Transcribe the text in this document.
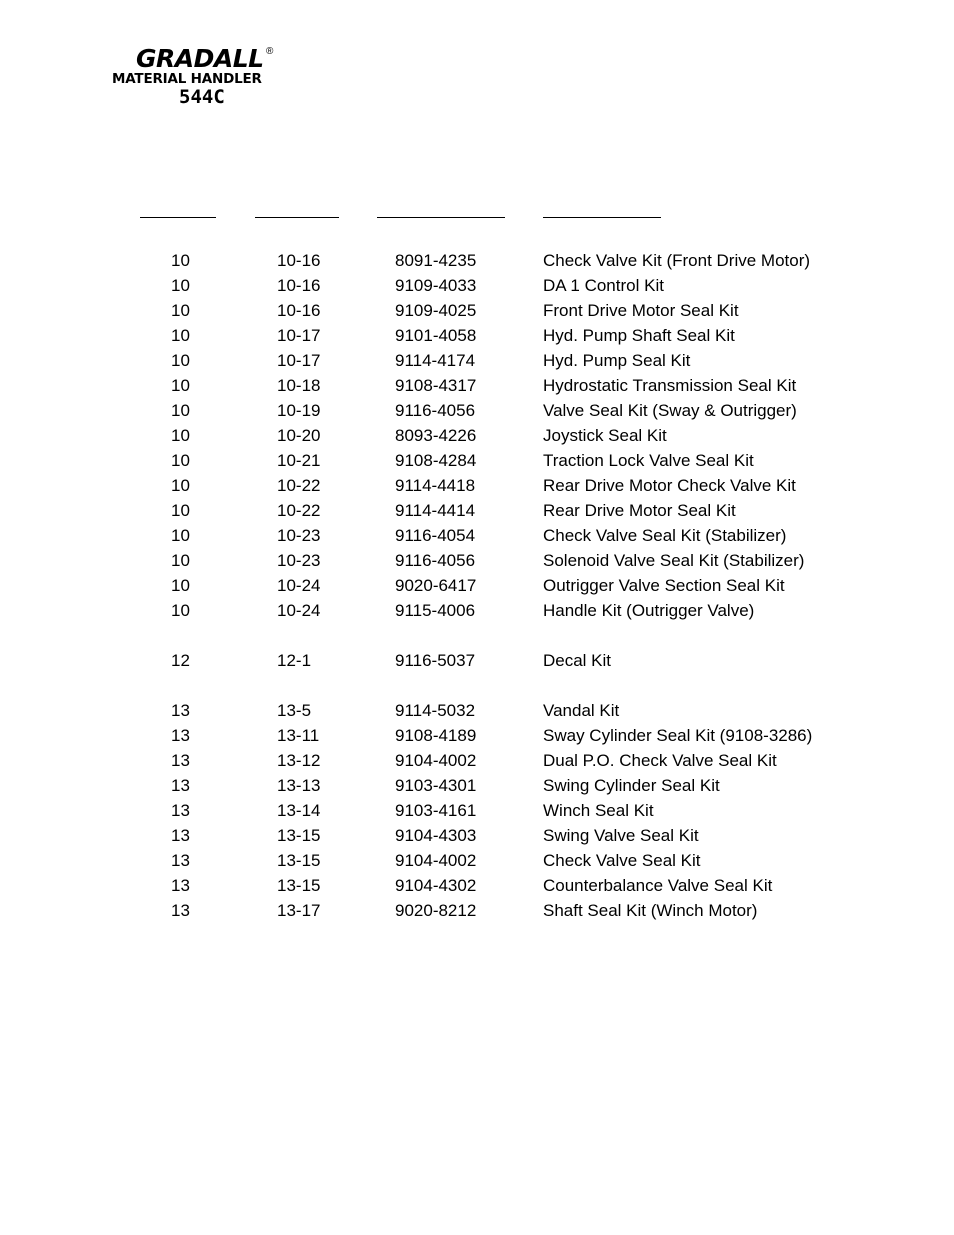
GRADALL ®
MATERIAL HANDLER
544C
10	10-16	8091-4235	Check Valve Kit (Front Drive Motor)
10	10-16	9109-4033	DA 1 Control Kit
10	10-16	9109-4025	Front Drive Motor Seal Kit
10	10-17	9101-4058	Hyd. Pump Shaft Seal Kit
10	10-17	9114-4174	Hyd. Pump Seal Kit
10	10-18	9108-4317	Hydrostatic Transmission Seal Kit
10	10-19	9116-4056	Valve Seal Kit (Sway & Outrigger)
10	10-20	8093-4226	Joystick Seal Kit
10	10-21	9108-4284	Traction Lock Valve Seal Kit
10	10-22	9114-4418	Rear Drive Motor Check Valve Kit
10	10-22	9114-4414	Rear Drive Motor Seal Kit
10	10-23	9116-4054	Check Valve Seal Kit (Stabilizer)
10	10-23	9116-4056	Solenoid Valve Seal Kit (Stabilizer)
10	10-24	9020-6417	Outrigger Valve Section Seal Kit
10	10-24	9115-4006	Handle Kit (Outrigger Valve)

12	12-1	9116-5037	Decal Kit

13	13-5	9114-5032	Vandal Kit
13	13-11	9108-4189	Sway Cylinder Seal Kit (9108-3286)
13	13-12	9104-4002	Dual P.O. Check Valve Seal Kit
13	13-13	9103-4301	Swing Cylinder Seal Kit
13	13-14	9103-4161	Winch Seal Kit
13	13-15	9104-4303	Swing Valve Seal Kit
13	13-15	9104-4002	Check Valve Seal Kit
13	13-15	9104-4302	Counterbalance Valve Seal Kit
13	13-17	9020-8212	Shaft Seal Kit (Winch Motor)
